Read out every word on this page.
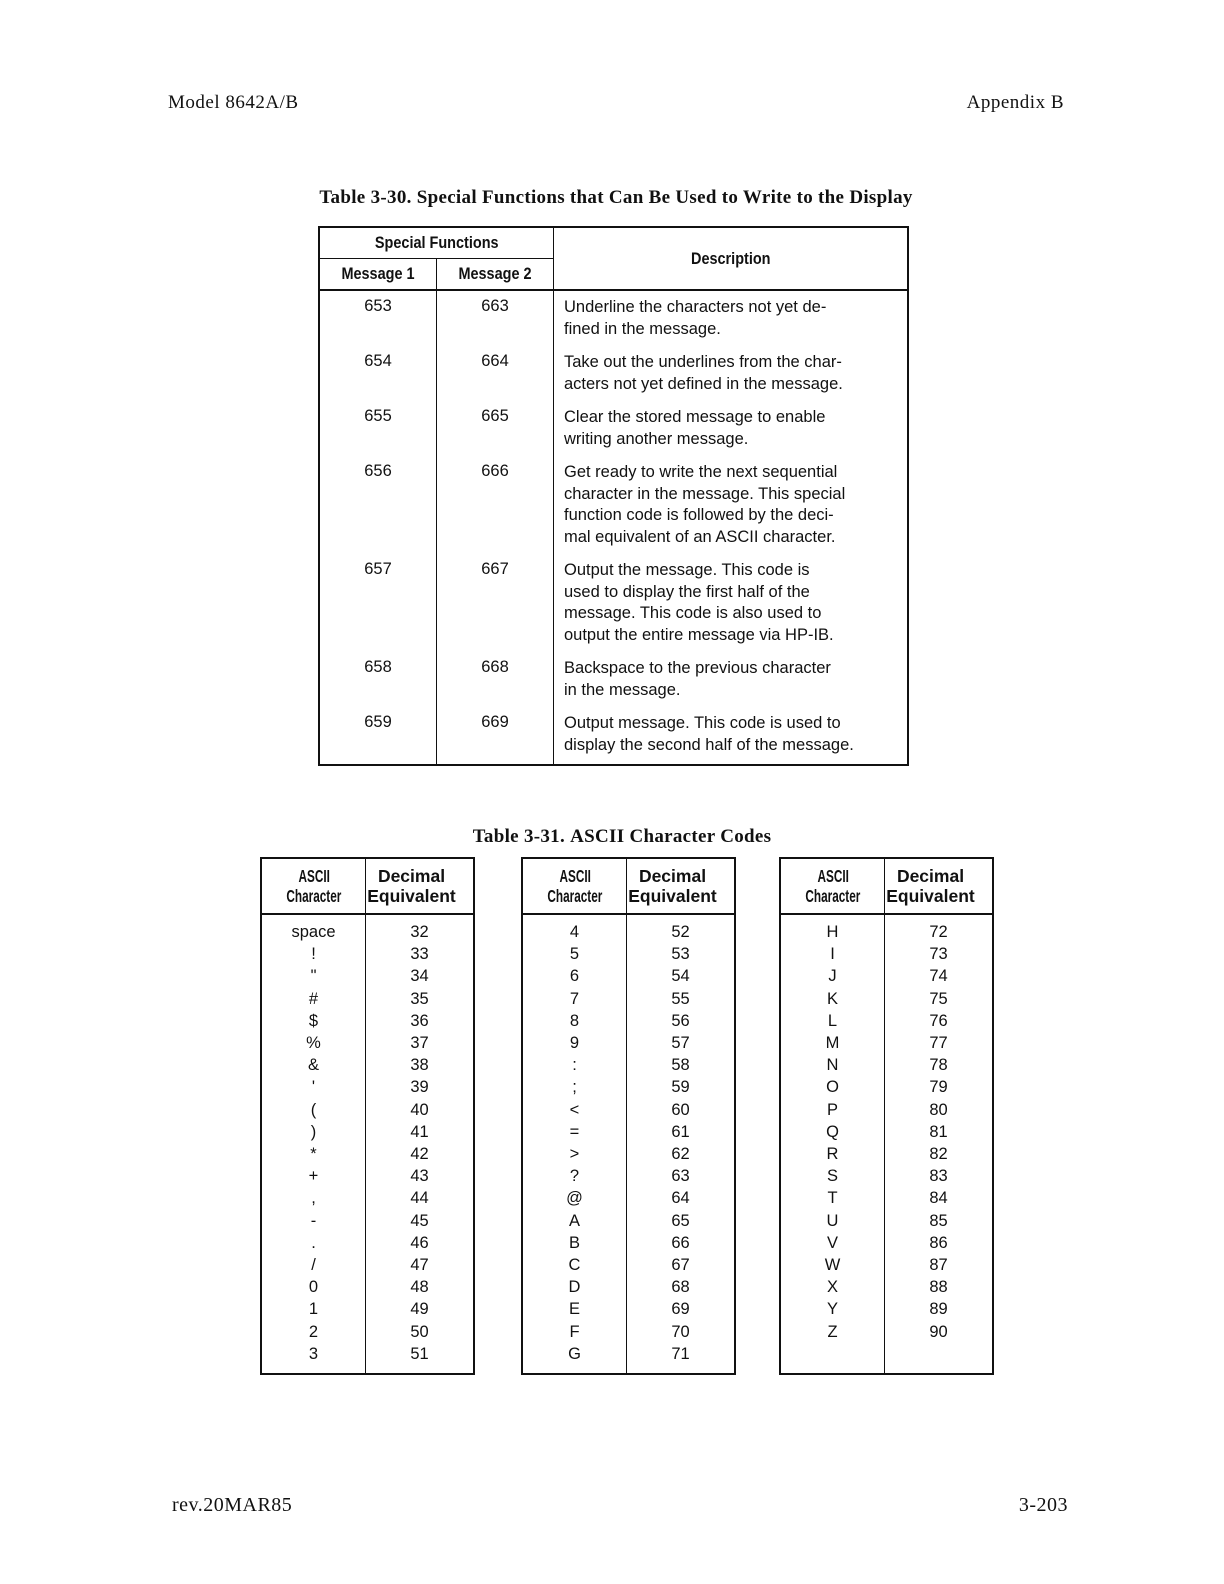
Model 8642A/B	Appendix B
Table 3-30. Special Functions that Can Be Used to Write to the Display
Special Functions		Description
Message 1	Message 2	
653	663	Underline the characters not yet de-
fined in the message.

654	664	Take out the underlines from the char-
acters not yet defined in the message.

655	665	Clear the stored message to enable
writing another message.

656	666	Get ready to write the next sequential
character in the message. This special
function code is followed by the deci-
mal equivalent of an ASCII character.

657	667	Output the message. This code is
used to display the first half of the
message. This code is also used to
output the entire message via HP-IB.

658	668	Backspace to the previous character
in the message.

659	669	Output message. This code is used to
display the second half of the message.
Table 3-31. ASCII Character Codes
ASCII
Character	Decimal
Equivalent

space	32
!	33
"	34
#	35
$	36
%	37
&	38
'	39
(	40
)	41
*	42
+	43
,	44
-	45
.	46
/	47
0	48
1	49
2	50
3	51

ASCII
Character	Decimal
Equivalent

4	52
5	53
6	54
7	55
8	56
9	57
:	58
;	59
<	60
=	61
>	62
?	63
@	64
A	65
B	66
C	67
D	68
E	69
F	70
G	71

ASCII
Character	Decimal
Equivalent

H	72
I	73
J	74
K	75
L	76
M	77
N	78
O	79
P	80
Q	81
R	82
S	83
T	84
U	85
V	86
W	87
X	88
Y	89
Z	90

rev.20MAR85	3-203
